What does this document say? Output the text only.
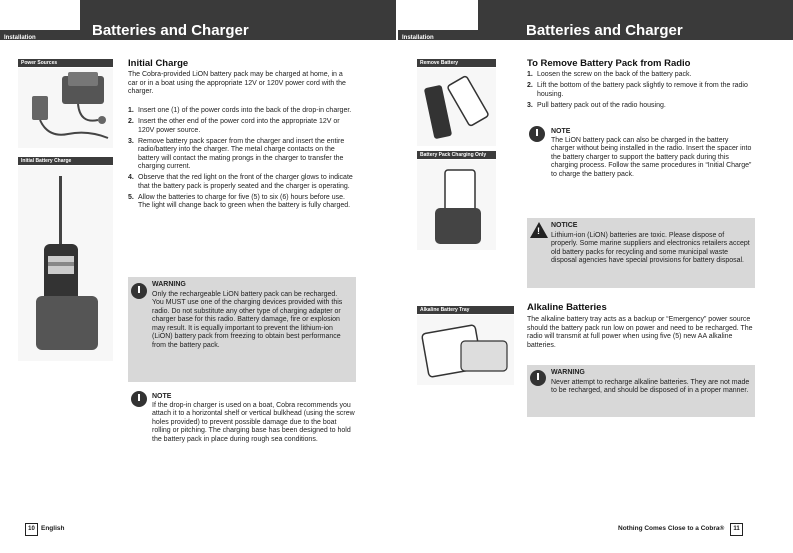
Installation	Batteries and Charger
Power Sources
Initial Battery Charge
Initial Charge
The Cobra-provided LiON battery pack may be charged at home, in a car or in a boat using the appropriate 12V or 120V power cord with the charger.
1. Insert one (1) of the power cords into the back of the drop-in charger.
2. Insert the other end of the power cord into the appropriate 12V or 120V power source.
3. Remove battery pack spacer from the charger and insert the entire radio/battery into the charger. The metal charge contacts on the battery will contact the mating prongs in the charger to transfer the charging current.
4. Observe that the red light on the front of the charger glows to indicate that the battery pack is properly seated and the charger is operating.
5. Allow the batteries to charge for five (5) to six (6) hours before use. The light will change back to green when the battery is fully charged.
WARNING
Only the rechargeable LiON battery pack can be recharged. You MUST use one of the charging devices provided with this radio. Do not substitute any other type of charging adapter or charger base for this radio. Battery damage, fire or explosion may result. It is equally important to prevent the lithium-ion (LiON) battery pack from freezing to obtain best performance from the battery pack.
NOTE
If the drop-in charger is used on a boat, Cobra recommends you attach it to a horizontal shelf or vertical bulkhead (using the screw holes provided) to prevent possible damage due to the boat rolling or pitching. The charging base has been designed to hold the battery pack in place during rough sea conditions.
10 English
Installation	Batteries and Charger
Remove Battery
Battery Pack Charging Only
Alkaline Battery Tray
To Remove Battery Pack from Radio
1. Loosen the screw on the back of the battery pack.
2. Lift the bottom of the battery pack slightly to remove it from the radio housing.
3. Pull battery pack out of the radio housing.
NOTE
The LiON battery pack can also be charged in the battery charger without being installed in the radio. Insert the spacer into the battery charger to support the battery pack during this charging process. Follow the same procedures in “Initial Charge” to charge the battery pack.
!
NOTICE
Lithium-ion (LiON) batteries are toxic. Please dispose of properly. Some marine suppliers and electronics retailers accept old battery packs for recycling and some municipal waste disposal agencies have special provisions for battery disposal.
Alkaline Batteries
The alkaline battery tray acts as a backup or “Emergency” power source should the battery pack run low on power and need to be recharged. The radio will transmit at full power when using five (5) new AA alkaline batteries.
WARNING
Never attempt to recharge alkaline batteries. They are not made to be recharged, and should be disposed of in a proper manner.
Nothing Comes Close to a Cobra® 11
